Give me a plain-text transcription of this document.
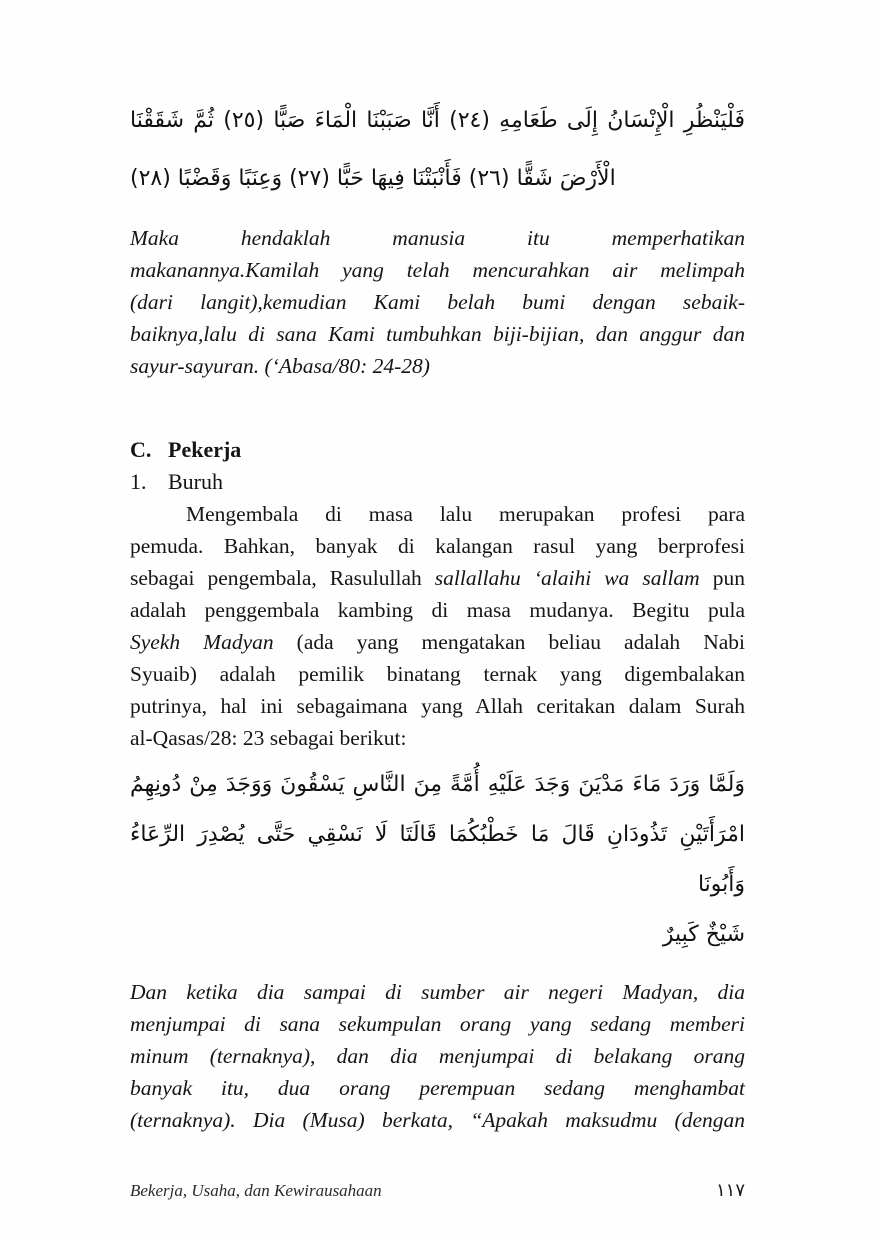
فَلْيَنْظُرِ الْإِنْسَانُ إِلَى طَعَامِهِ (٢٤) أَنَّا صَبَبْنَا الْمَاءَ صَبًّا (٢٥) ثُمَّ شَقَقْنَا
الْأَرْضَ شَقًّا (٢٦) فَأَنْبَتْنَا فِيهَا حَبًّا (٢٧) وَعِنَبًا وَقَضْبًا (٢٨)
Maka hendaklah manusia itu memperhatikan
makanannya.Kamilah yang telah mencurahkan air melimpah
(dari langit),kemudian Kami belah bumi dengan sebaik-
baiknya,lalu di sana Kami tumbuhkan biji-bijian, dan anggur dan
sayur-sayuran. (‘Abasa/80: 24-28)
C. Pekerja
1. Buruh
Mengembala di masa lalu merupakan profesi para
pemuda. Bahkan, banyak di kalangan rasul yang berprofesi
sebagai pengembala, Rasulullah sallallahu ‘alaihi wa sallam pun
adalah penggembala kambing di masa mudanya. Begitu pula
Syekh Madyan (ada yang mengatakan beliau adalah Nabi
Syuaib) adalah pemilik binatang ternak yang digembalakan
putrinya, hal ini sebagaimana yang Allah ceritakan dalam Surah
al-Qasas/28: 23 sebagai berikut:
وَلَمَّا وَرَدَ مَاءَ مَدْيَنَ وَجَدَ عَلَيْهِ أُمَّةً مِنَ النَّاسِ يَسْقُونَ وَوَجَدَ مِنْ دُونِهِمُ
امْرَأَتَيْنِ تَذُودَانِ قَالَ مَا خَطْبُكُمَا قَالَتَا لَا نَسْقِي حَتَّى يُصْدِرَ الرِّعَاءُ وَأَبُونَا
شَيْخٌ كَبِيرٌ
Dan ketika dia sampai di sumber air negeri Madyan, dia
menjumpai di sana sekumpulan orang yang sedang memberi
minum (ternaknya), dan dia menjumpai di belakang orang
banyak itu, dua orang perempuan sedang menghambat
(ternaknya). Dia (Musa) berkata, “Apakah maksudmu (dengan
Bekerja, Usaha, dan Kewirausahaan	١١٧
